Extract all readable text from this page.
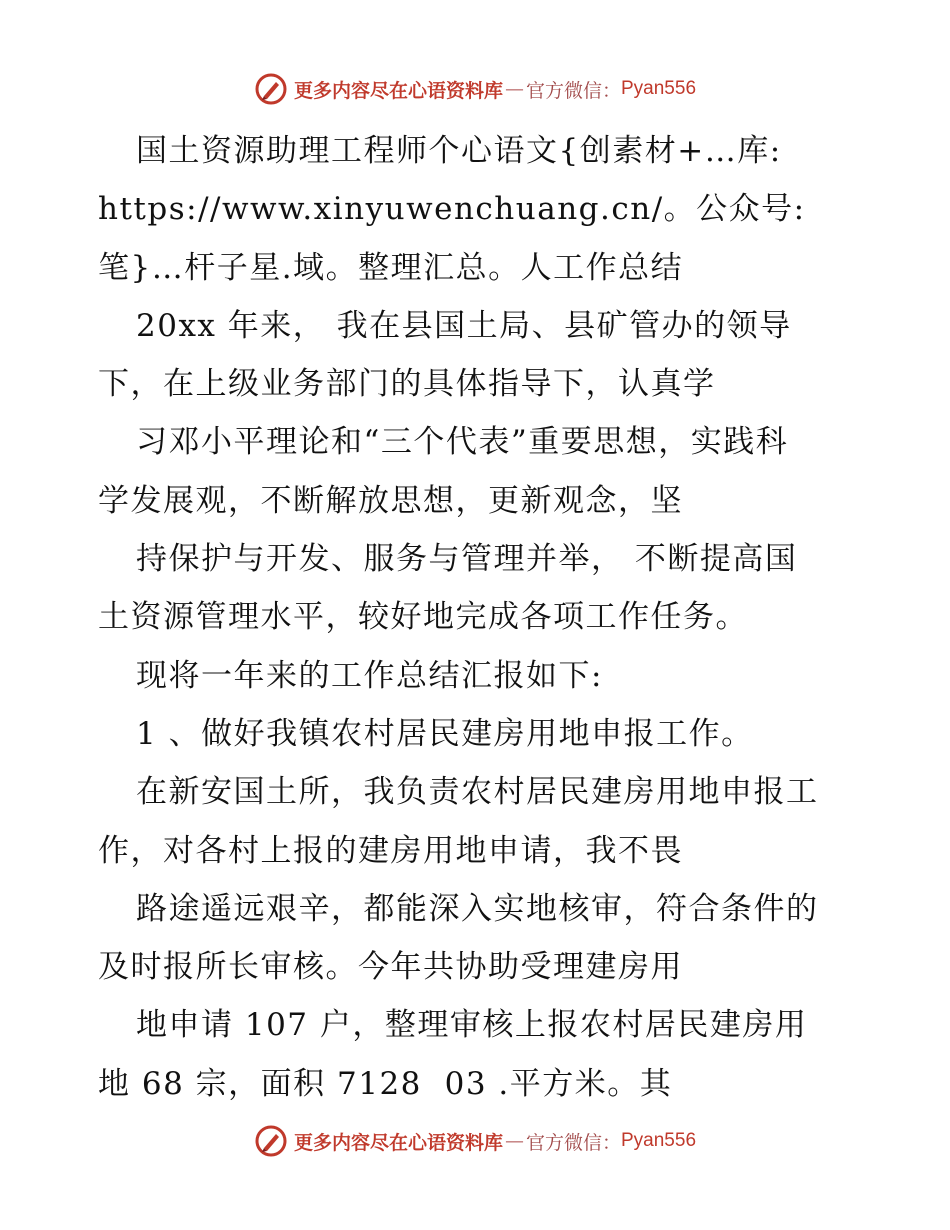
更多内容尽在心语资料库 — 官方微信： Pyan556
国土资源助理工程师个心语文{创素材+…库:
https://www.xinyuwenchuang.cn/。公众号:
笔}…杆子星.域。整理汇总。人工作总结
20xx 年来， 我在县国土局、县矿管办的领导
下，在上级业务部门的具体指导下，认真学
习邓小平理论和“三个代表”重要思想，实践科
学发展观，不断解放思想，更新观念，坚
持保护与开发、服务与管理并举， 不断提高国
土资源管理水平，较好地完成各项工作任务。
现将一年来的工作总结汇报如下:
1 、做好我镇农村居民建房用地申报工作。
在新安国土所，我负责农村居民建房用地申报工
作，对各村上报的建房用地申请，我不畏
路途遥远艰辛，都能深入实地核审，符合条件的
及时报所长审核。今年共协助受理建房用
地申请 107 户，整理审核上报农村居民建房用
地 68 宗，面积 7128  03 .平方米。其
更多内容尽在心语资料库 — 官方微信： Pyan556
